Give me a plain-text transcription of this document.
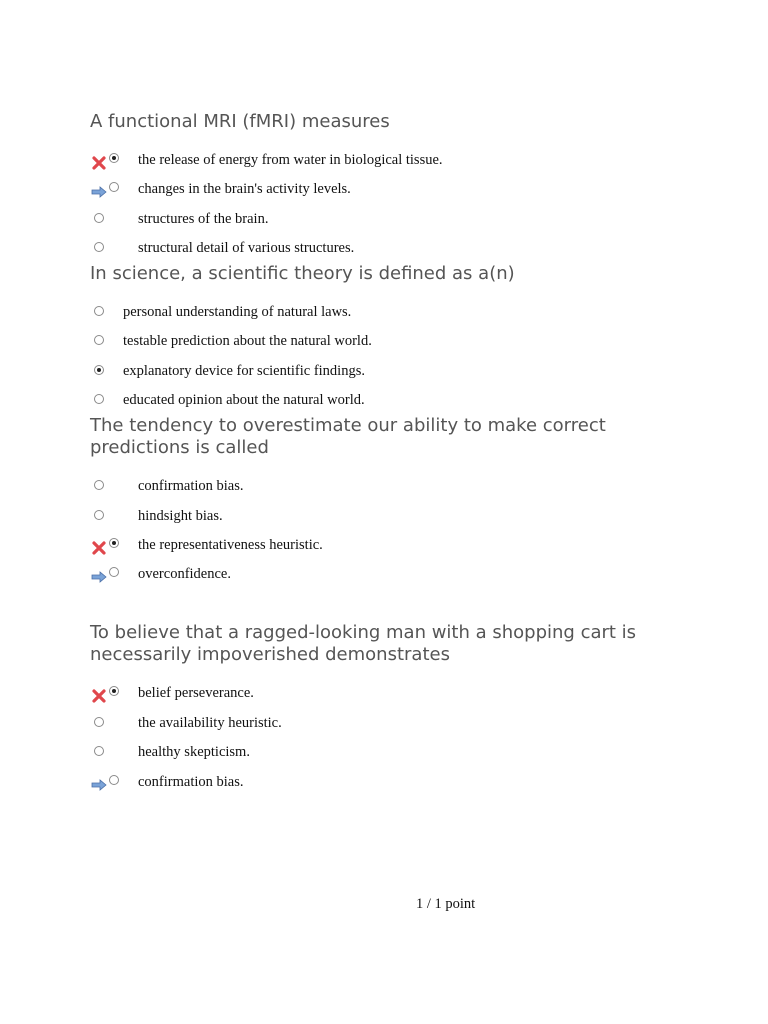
A functional MRI (fMRI) measures
the release of energy from water in biological tissue.
changes in the brain's activity levels.
structures of the brain.
structural detail of various structures.
In science, a scientific theory is defined as a(n)
personal understanding of natural laws.
testable prediction about the natural world.
explanatory device for scientific findings.
educated opinion about the natural world.
The tendency to overestimate our ability to make correct predictions is called
confirmation bias.
hindsight bias.
the representativeness heuristic.
overconfidence.
To believe that a ragged-looking man with a shopping cart is necessarily impoverished demonstrates
belief perseverance.
the availability heuristic.
healthy skepticism.
confirmation bias.
1 / 1 point
